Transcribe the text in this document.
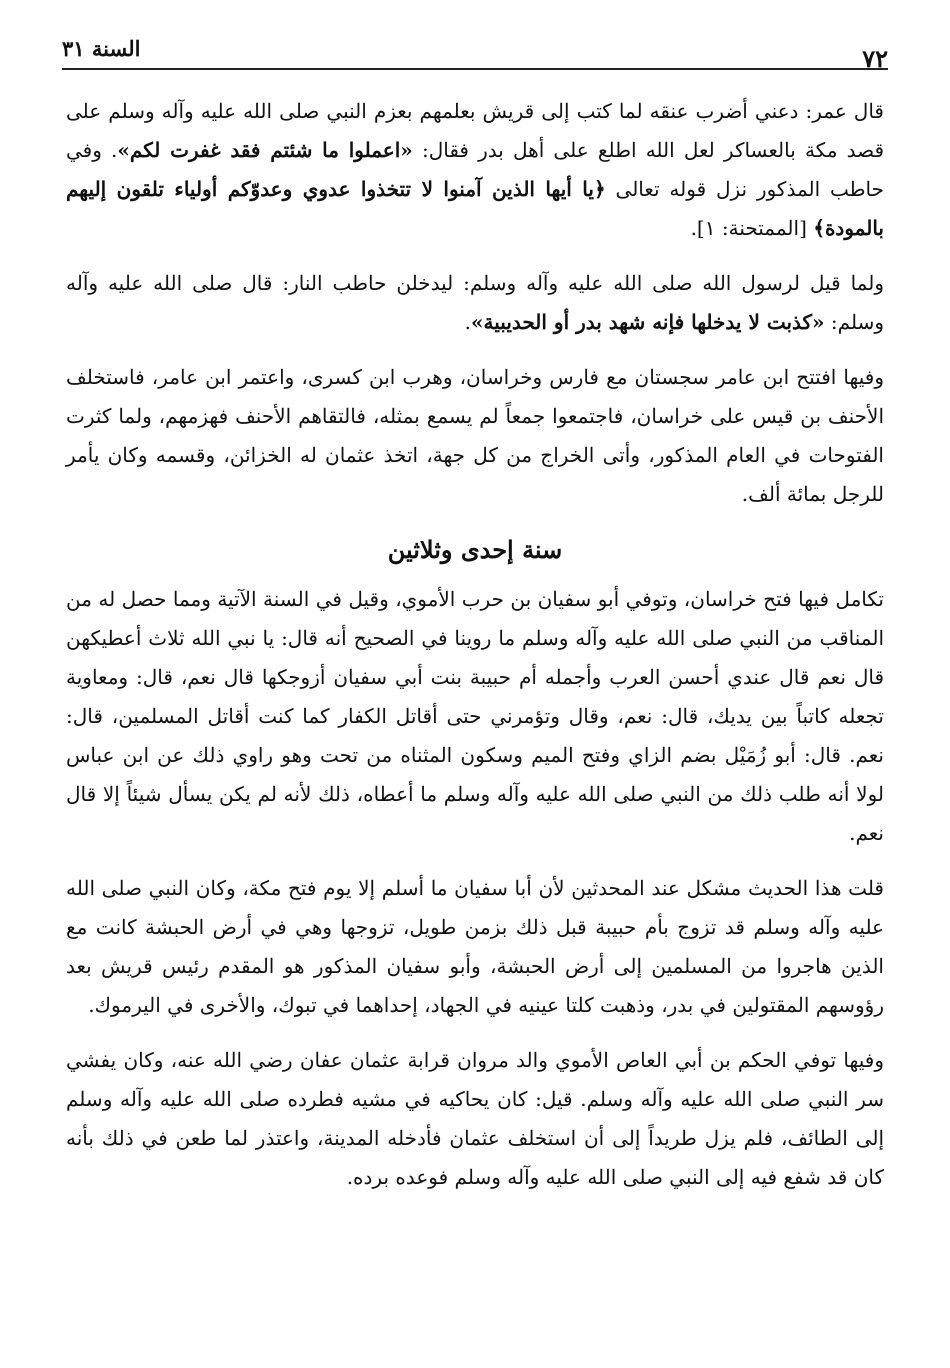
السنة ٣١	٧٢

قال عمر: دعني أضرب عنقه لما كتب إلى قريش بعلمهم بعزم النبي صلى الله عليه وآله وسلم على قصد مكة بالعساكر لعل الله اطلع على أهل بدر فقال: «اعملوا ما شئتم فقد غفرت لكم». وفي حاطب المذكور نزل قوله تعالى ﴿يا أيها الذين آمنوا لا تتخذوا عدوي وعدوّكم أولياء تلقون إليهم بالمودة﴾ [الممتحنة: ١].

ولما قيل لرسول الله صلى الله عليه وآله وسلم: ليدخلن حاطب النار: قال صلى الله عليه وآله وسلم: «كذبت لا يدخلها فإنه شهد بدر أو الحديبية».

وفيها افتتح ابن عامر سجستان مع فارس وخراسان، وهرب ابن كسرى، واعتمر ابن عامر، فاستخلف الأحنف بن قيس على خراسان، فاجتمعوا جمعاً لم يسمع بمثله، فالتقاهم الأحنف فهزمهم، ولما كثرت الفتوحات في العام المذكور، وأتى الخراج من كل جهة، اتخذ عثمان له الخزائن، وقسمه وكان يأمر للرجل بمائة ألف.

سنة إحدى وثلاثين

تكامل فيها فتح خراسان، وتوفي أبو سفيان بن حرب الأموي، وقيل في السنة الآتية ومما حصل له من المناقب من النبي صلى الله عليه وآله وسلم ما روينا في الصحيح أنه قال: يا نبي الله ثلاث أعطيكهن قال نعم قال عندي أحسن العرب وأجمله أم حبيبة بنت أبي سفيان أزوجكها قال نعم، قال: ومعاوية تجعله كاتباً بين يديك، قال: نعم، وقال وتؤمرني حتى أقاتل الكفار كما كنت أقاتل المسلمين، قال: نعم. قال: أبو زُمَيْل بضم الزاي وفتح الميم وسكون المثناه من تحت وهو راوي ذلك عن ابن عباس لولا أنه طلب ذلك من النبي صلى الله عليه وآله وسلم ما أعطاه، ذلك لأنه لم يكن يسأل شيئاً إلا قال نعم.

قلت هذا الحديث مشكل عند المحدثين لأن أبا سفيان ما أسلم إلا يوم فتح مكة، وكان النبي صلى الله عليه وآله وسلم قد تزوج بأم حبيبة قبل ذلك بزمن طويل، تزوجها وهي في أرض الحبشة كانت مع الذين هاجروا من المسلمين إلى أرض الحبشة، وأبو سفيان المذكور هو المقدم رئيس قريش بعد رؤوسهم المقتولين في بدر، وذهبت كلتا عينيه في الجهاد، إحداهما في تبوك، والأخرى في اليرموك.

وفيها توفي الحكم بن أبي العاص الأموي والد مروان قرابة عثمان عفان رضي الله عنه، وكان يفشي سر النبي صلى الله عليه وآله وسلم. قيل: كان يحاكيه في مشيه فطرده صلى الله عليه وآله وسلم إلى الطائف، فلم يزل طريداً إلى أن استخلف عثمان فأدخله المدينة، واعتذر لما طعن في ذلك بأنه كان قد شفع فيه إلى النبي صلى الله عليه وآله وسلم فوعده برده.
